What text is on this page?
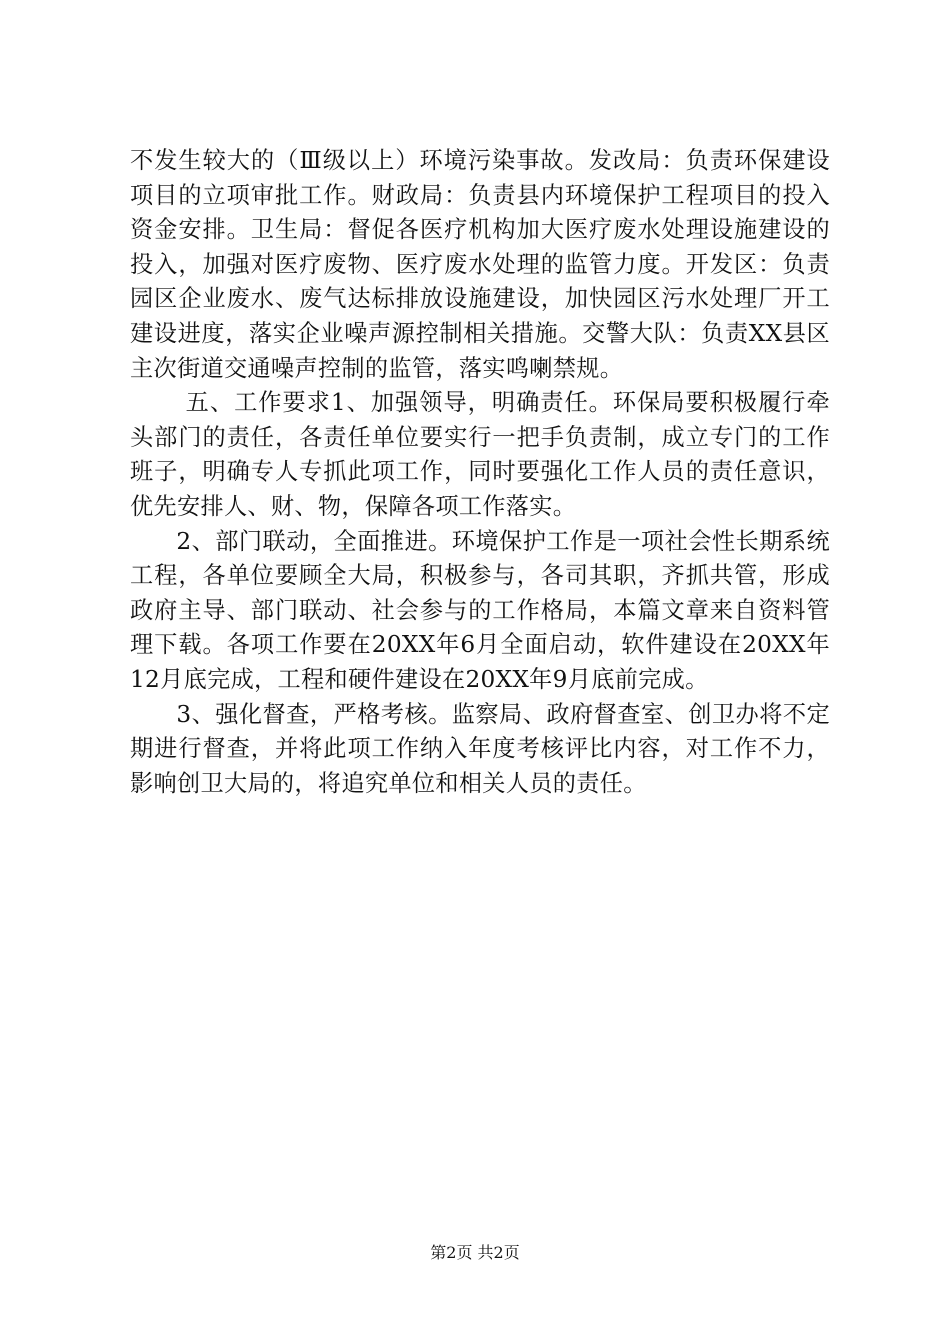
不发生较大的（Ⅲ级以上）环境污染事故。发改局：负责环保建设项目的立项审批工作。财政局：负责县内环境保护工程项目的投入资金安排。卫生局：督促各医疗机构加大医疗废水处理设施建设的投入，加强对医疗废物、医疗废水处理的监管力度。开发区：负责园区企业废水、废气达标排放设施建设，加快园区污水处理厂开工建设进度，落实企业噪声源控制相关措施。交警大队：负责XX县区主次街道交通噪声控制的监管，落实鸣喇禁规。

五、工作要求1、加强领导，明确责任。环保局要积极履行牵头部门的责任，各责任单位要实行一把手负责制，成立专门的工作班子，明确专人专抓此项工作，同时要强化工作人员的责任意识，优先安排人、财、物，保障各项工作落实。

2、部门联动，全面推进。环境保护工作是一项社会性长期系统工程，各单位要顾全大局，积极参与，各司其职，齐抓共管，形成政府主导、部门联动、社会参与的工作格局，本篇文章来自资料管理下载。各项工作要在20XX年6月全面启动，软件建设在20XX年12月底完成，工程和硬件建设在20XX年9月底前完成。

3、强化督查，严格考核。监察局、政府督查室、创卫办将不定期进行督查，并将此项工作纳入年度考核评比内容，对工作不力，影响创卫大局的，将追究单位和相关人员的责任。

第2页 共2页
